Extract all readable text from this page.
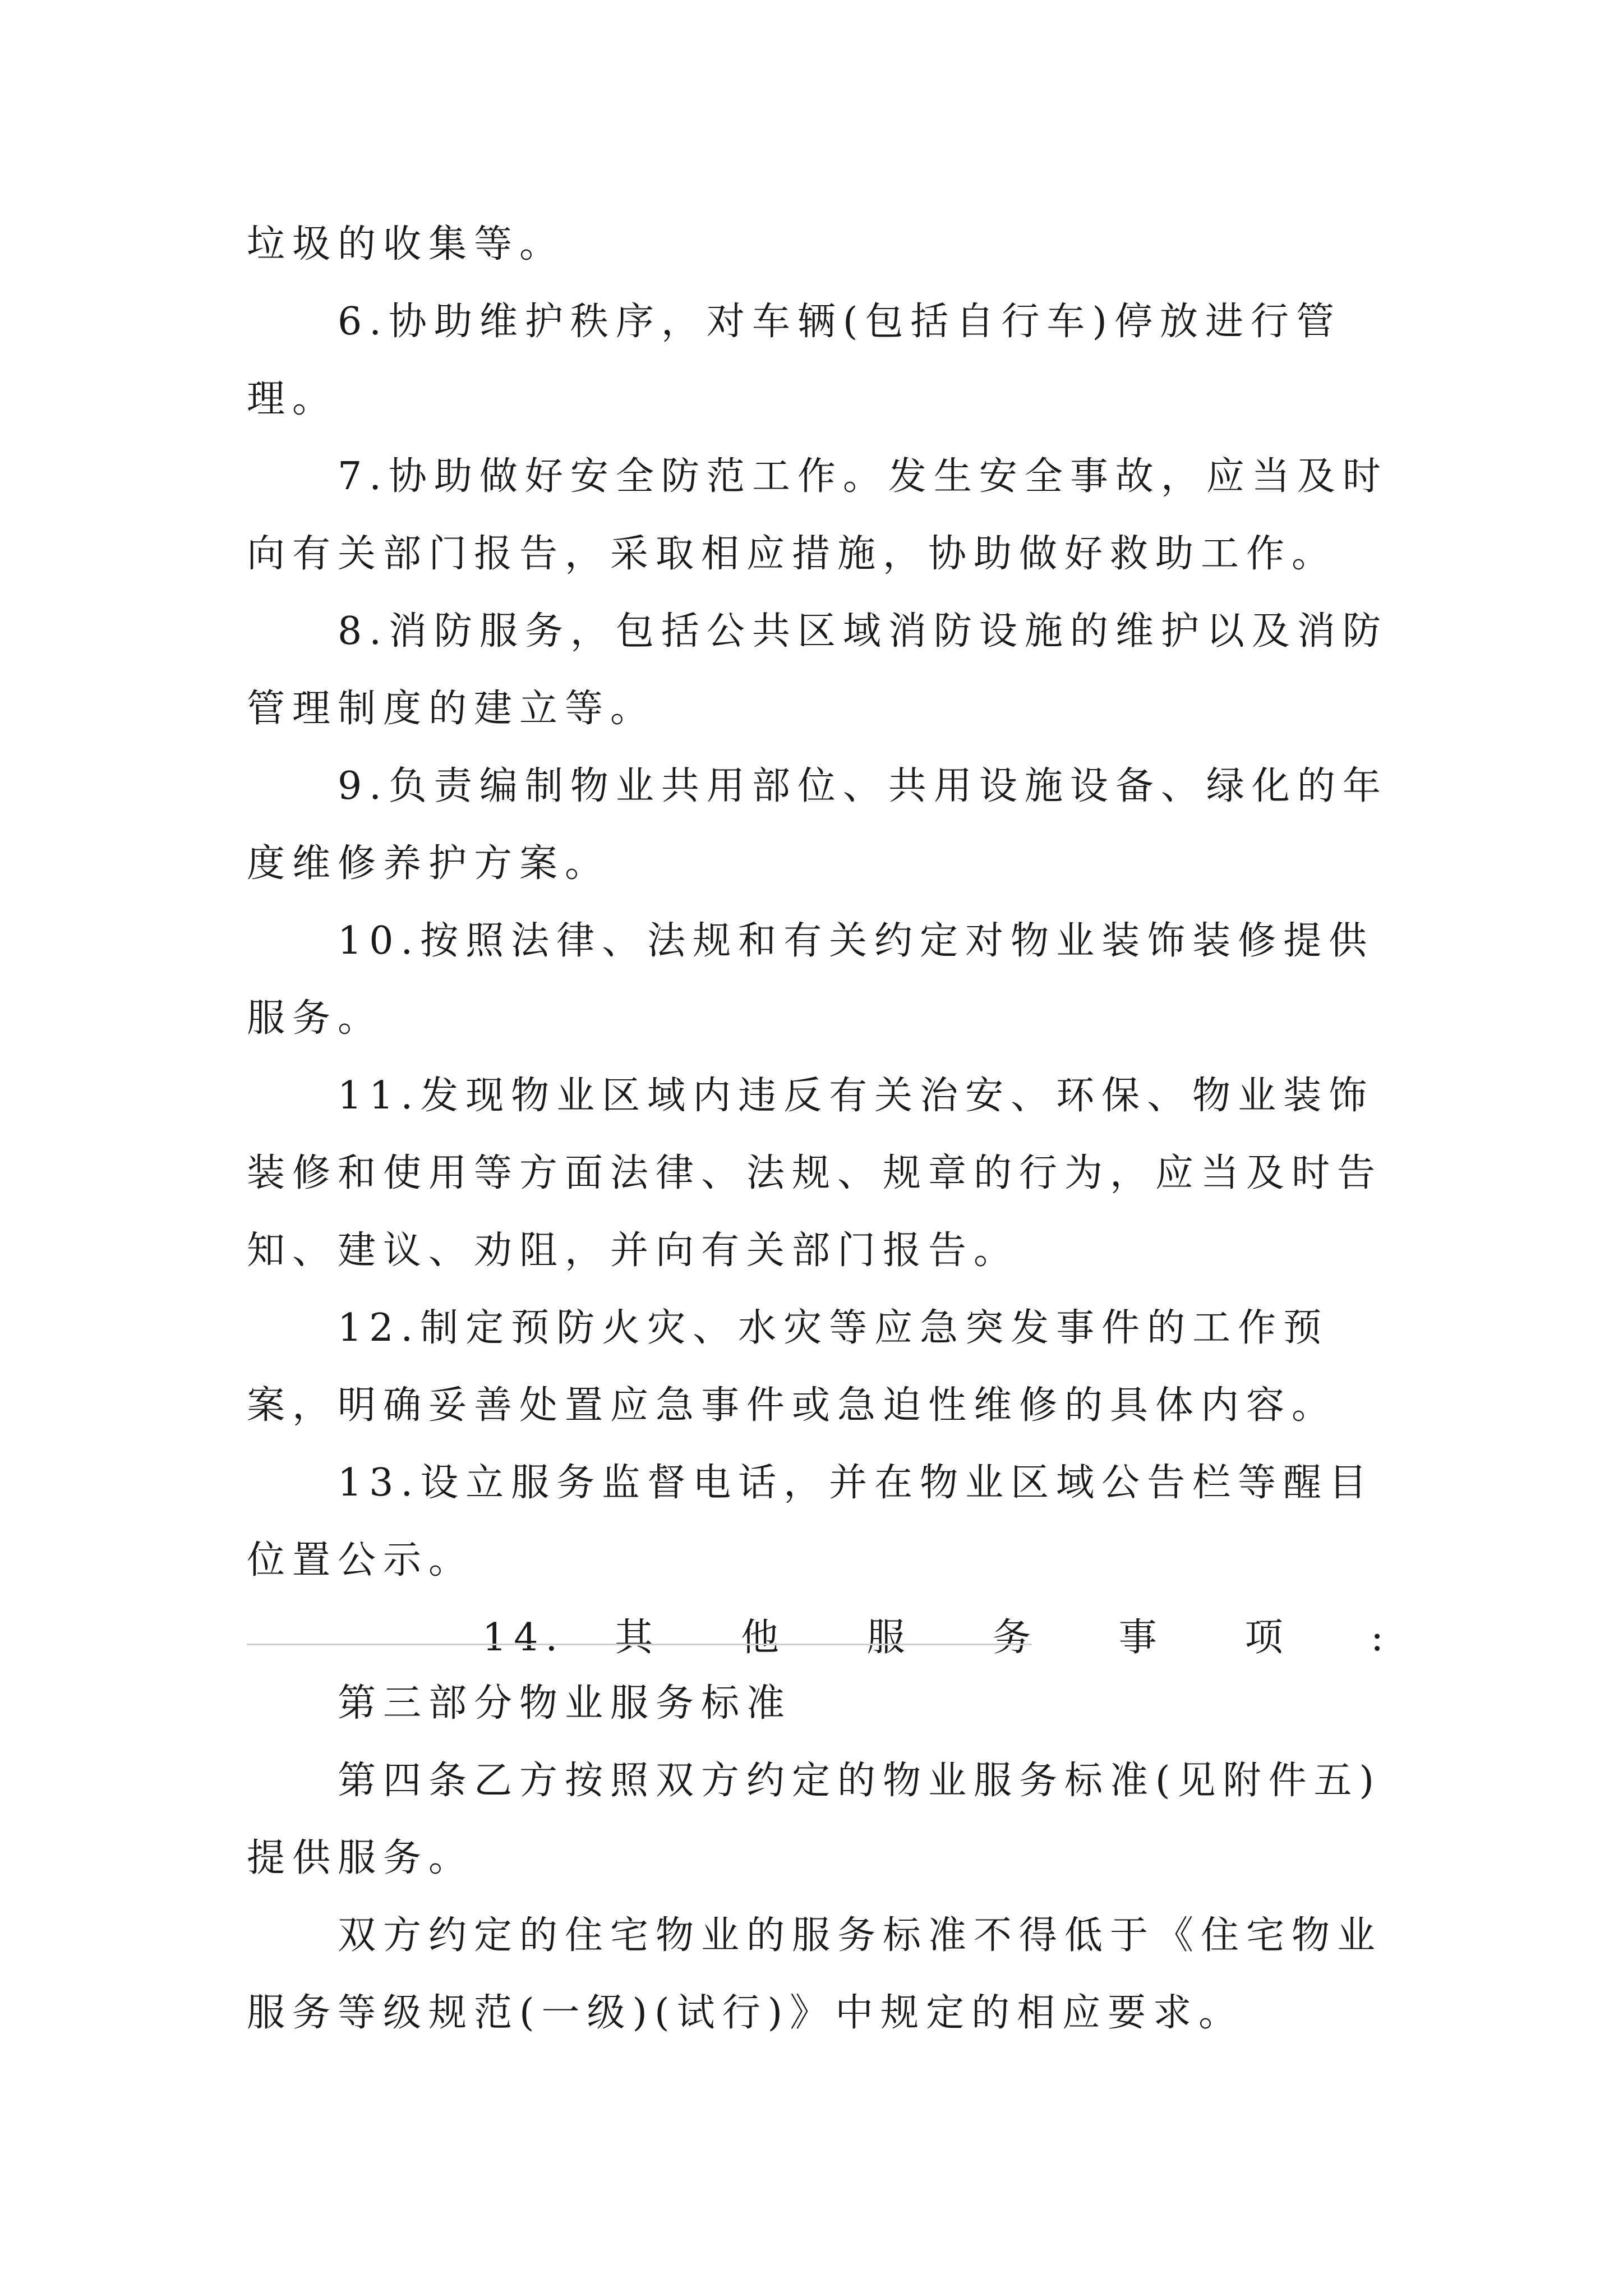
垃圾的收集等。

6.协助维护秩序，对车辆(包括自行车)停放进行管理。

7.协助做好安全防范工作。发生安全事故，应当及时向有关部门报告，采取相应措施，协助做好救助工作。

8.消防服务，包括公共区域消防设施的维护以及消防管理制度的建立等。

9.负责编制物业共用部位、共用设施设备、绿化的年度维修养护方案。

10.按照法律、法规和有关约定对物业装饰装修提供服务。

11.发现物业区域内违反有关治安、环保、物业装饰装修和使用等方面法律、法规、规章的行为，应当及时告知、建议、劝阻，并向有关部门报告。

12.制定预防火灾、水灾等应急突发事件的工作预案，明确妥善处置应急事件或急迫性维修的具体内容。

13.设立服务监督电话，并在物业区域公告栏等醒目位置公示。

14. 其 他 服 务 事 项 :

第三部分物业服务标准

第四条乙方按照双方约定的物业服务标准(见附件五)提供服务。

双方约定的住宅物业的服务标准不得低于《住宅物业服务等级规范(一级)(试行)》中规定的相应要求。
